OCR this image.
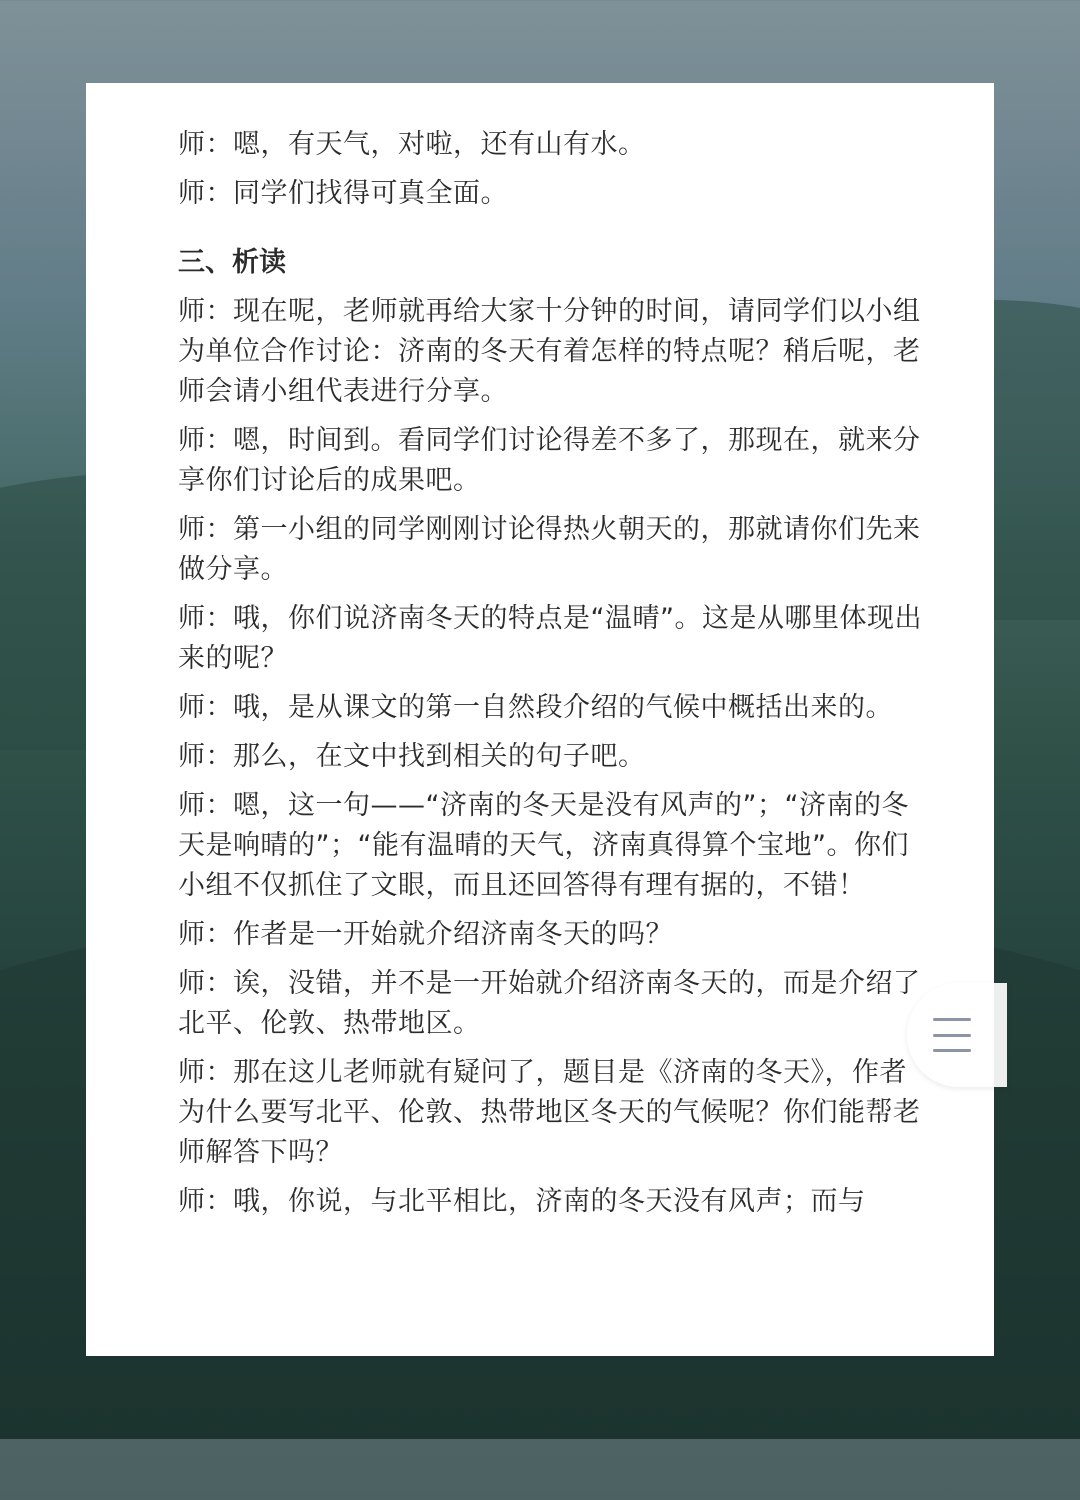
师：嗯，有天气，对啦，还有山有水。

师：同学们找得可真全面。

三、析读

师：现在呢，老师就再给大家十分钟的时间，请同学们以小组为单位合作讨论：济南的冬天有着怎样的特点呢？稍后呢，老师会请小组代表进行分享。

师：嗯，时间到。看同学们讨论得差不多了，那现在，就来分享你们讨论后的成果吧。

师：第一小组的同学刚刚讨论得热火朝天的，那就请你们先来做分享。

师：哦，你们说济南冬天的特点是“温晴”。这是从哪里体现出来的呢？

师：哦，是从课文的第一自然段介绍的气候中概括出来的。

师：那么，在文中找到相关的句子吧。

师：嗯，这一句——“济南的冬天是没有风声的”；“济南的冬天是响晴的”；“能有温晴的天气，济南真得算个宝地”。你们小组不仅抓住了文眼，而且还回答得有理有据的，不错！

师：作者是一开始就介绍济南冬天的吗？

师：诶，没错，并不是一开始就介绍济南冬天的，而是介绍了北平、伦敦、热带地区。

师：那在这儿老师就有疑问了，题目是《济南的冬天》，作者为什么要写北平、伦敦、热带地区冬天的气候呢？你们能帮老师解答下吗？

师：哦，你说，与北平相比，济南的冬天没有风声；而与
